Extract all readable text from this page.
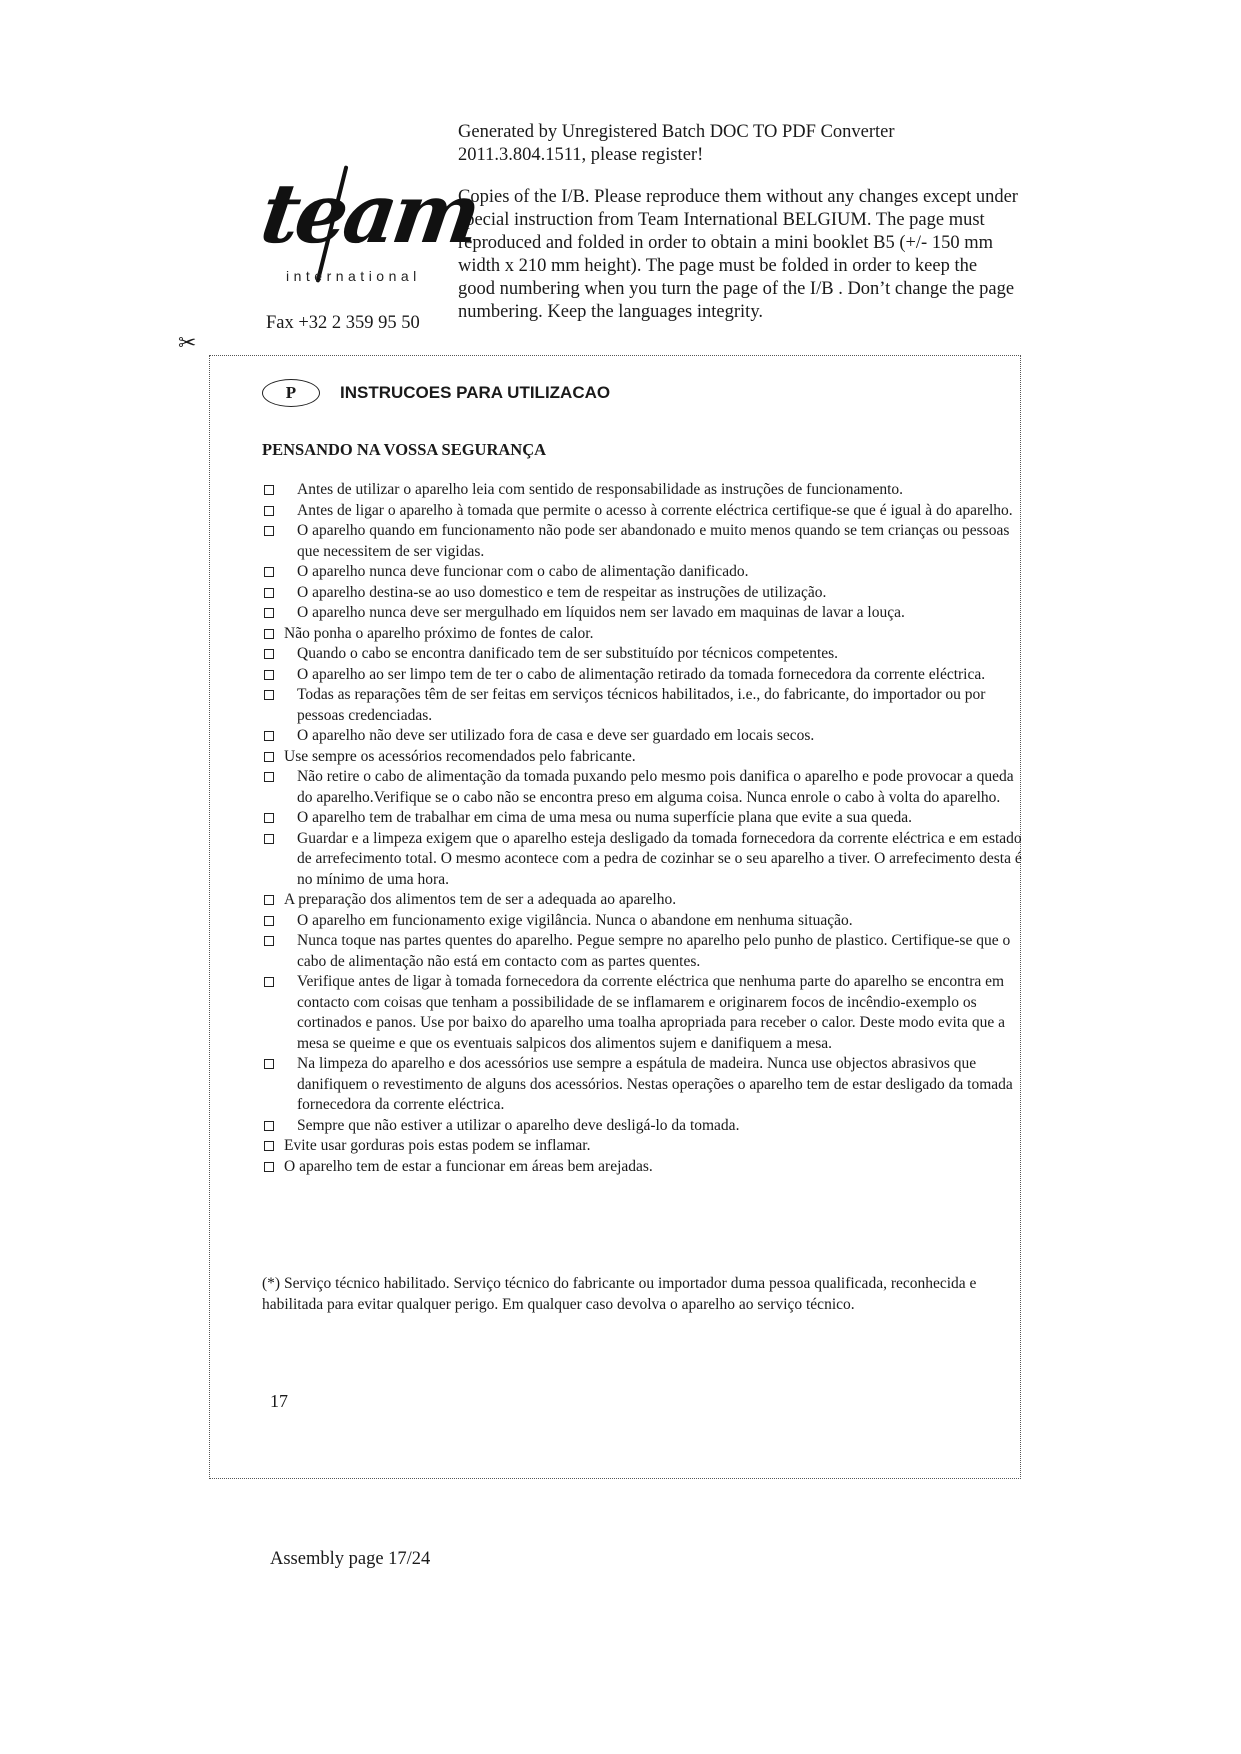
Generated by Unregistered Batch DOC TO PDF Converter 2011.3.804.1511, please register!

Copies of the I/B. Please reproduce them without any changes except under special instruction from Team International BELGIUM. The page must reproduced and folded in order to obtain a mini booklet B5 (+/- 150 mm width x 210 mm height). The page must be folded in order to keep the good numbering when you turn the page of the I/B . Don’t change the page numbering. Keep the languages integrity.

team
international
Fax +32 2 359 95 50
✂
P	INSTRUCOES PARA UTILIZACAO
PENSANDO NA VOSSA SEGURANÇA
Antes de utilizar o aparelho leia com sentido de responsabilidade as instruções de funcionamento.
Antes de ligar o aparelho à tomada que permite o acesso à corrente eléctrica certifique-se que é igual à do aparelho.
O aparelho quando em funcionamento não pode ser abandonado e muito menos quando se tem crianças ou pessoas que necessitem de ser vigidas.
O aparelho nunca deve funcionar com o cabo de alimentação danificado.
O aparelho destina-se ao uso domestico e tem de respeitar as instruções de utilização.
O aparelho nunca deve ser mergulhado em líquidos nem ser lavado em maquinas de lavar a louça.
Não ponha o aparelho próximo de fontes de calor.
Quando o cabo se encontra danificado tem de ser substituído por técnicos competentes.
O aparelho ao ser limpo tem de ter o cabo de alimentação retirado da tomada fornecedora da corrente eléctrica.
Todas as reparações têm de ser feitas em serviços técnicos habilitados, i.e., do fabricante, do importador ou por pessoas credenciadas.
O aparelho não deve ser utilizado fora de casa e deve ser guardado em locais secos.
Use sempre os acessórios recomendados pelo fabricante.
Não retire o cabo de alimentação da tomada puxando pelo mesmo pois danifica o aparelho e pode provocar a queda do aparelho.Verifique se o cabo não se encontra preso em alguma coisa. Nunca enrole o cabo à volta do aparelho.
O aparelho tem de trabalhar em cima de uma mesa ou numa superfície plana que evite a sua queda.
Guardar e a limpeza exigem que o aparelho esteja desligado da tomada fornecedora da corrente eléctrica e em estado de arrefecimento total. O mesmo acontece com a pedra de cozinhar se o seu aparelho a tiver. O arrefecimento desta é no mínimo de uma hora.
A preparação dos alimentos tem de ser a adequada ao aparelho.
O aparelho em funcionamento exige vigilância. Nunca o abandone em nenhuma situação.
Nunca toque nas partes quentes do aparelho. Pegue sempre no aparelho pelo punho de plastico. Certifique-se que o cabo de alimentação não está em contacto com as partes quentes.
Verifique antes de ligar à tomada fornecedora da corrente eléctrica que nenhuma parte do aparelho se encontra em contacto com coisas que tenham a possibilidade de se inflamarem e originarem focos de incêndio-exemplo os cortinados e panos. Use por baixo do aparelho uma toalha apropriada para receber o calor. Deste modo evita que a mesa se queime e que os eventuais salpicos dos alimentos sujem e danifiquem a mesa.
Na limpeza do aparelho e dos acessórios use sempre a espátula de madeira. Nunca use objectos abrasivos que danifiquem o revestimento de alguns dos acessórios. Nestas operações o aparelho tem de estar desligado da tomada fornecedora da corrente eléctrica.
Sempre que não estiver a utilizar o aparelho deve desligá-lo da tomada.
Evite usar gorduras pois estas podem se inflamar.
O aparelho tem de estar a funcionar em áreas bem arejadas.
(*) Serviço técnico habilitado. Serviço técnico do fabricante ou importador duma pessoa qualificada, reconhecida e habilitada para evitar qualquer perigo. Em qualquer caso devolva o aparelho ao serviço técnico.
17
Assembly page 17/24
